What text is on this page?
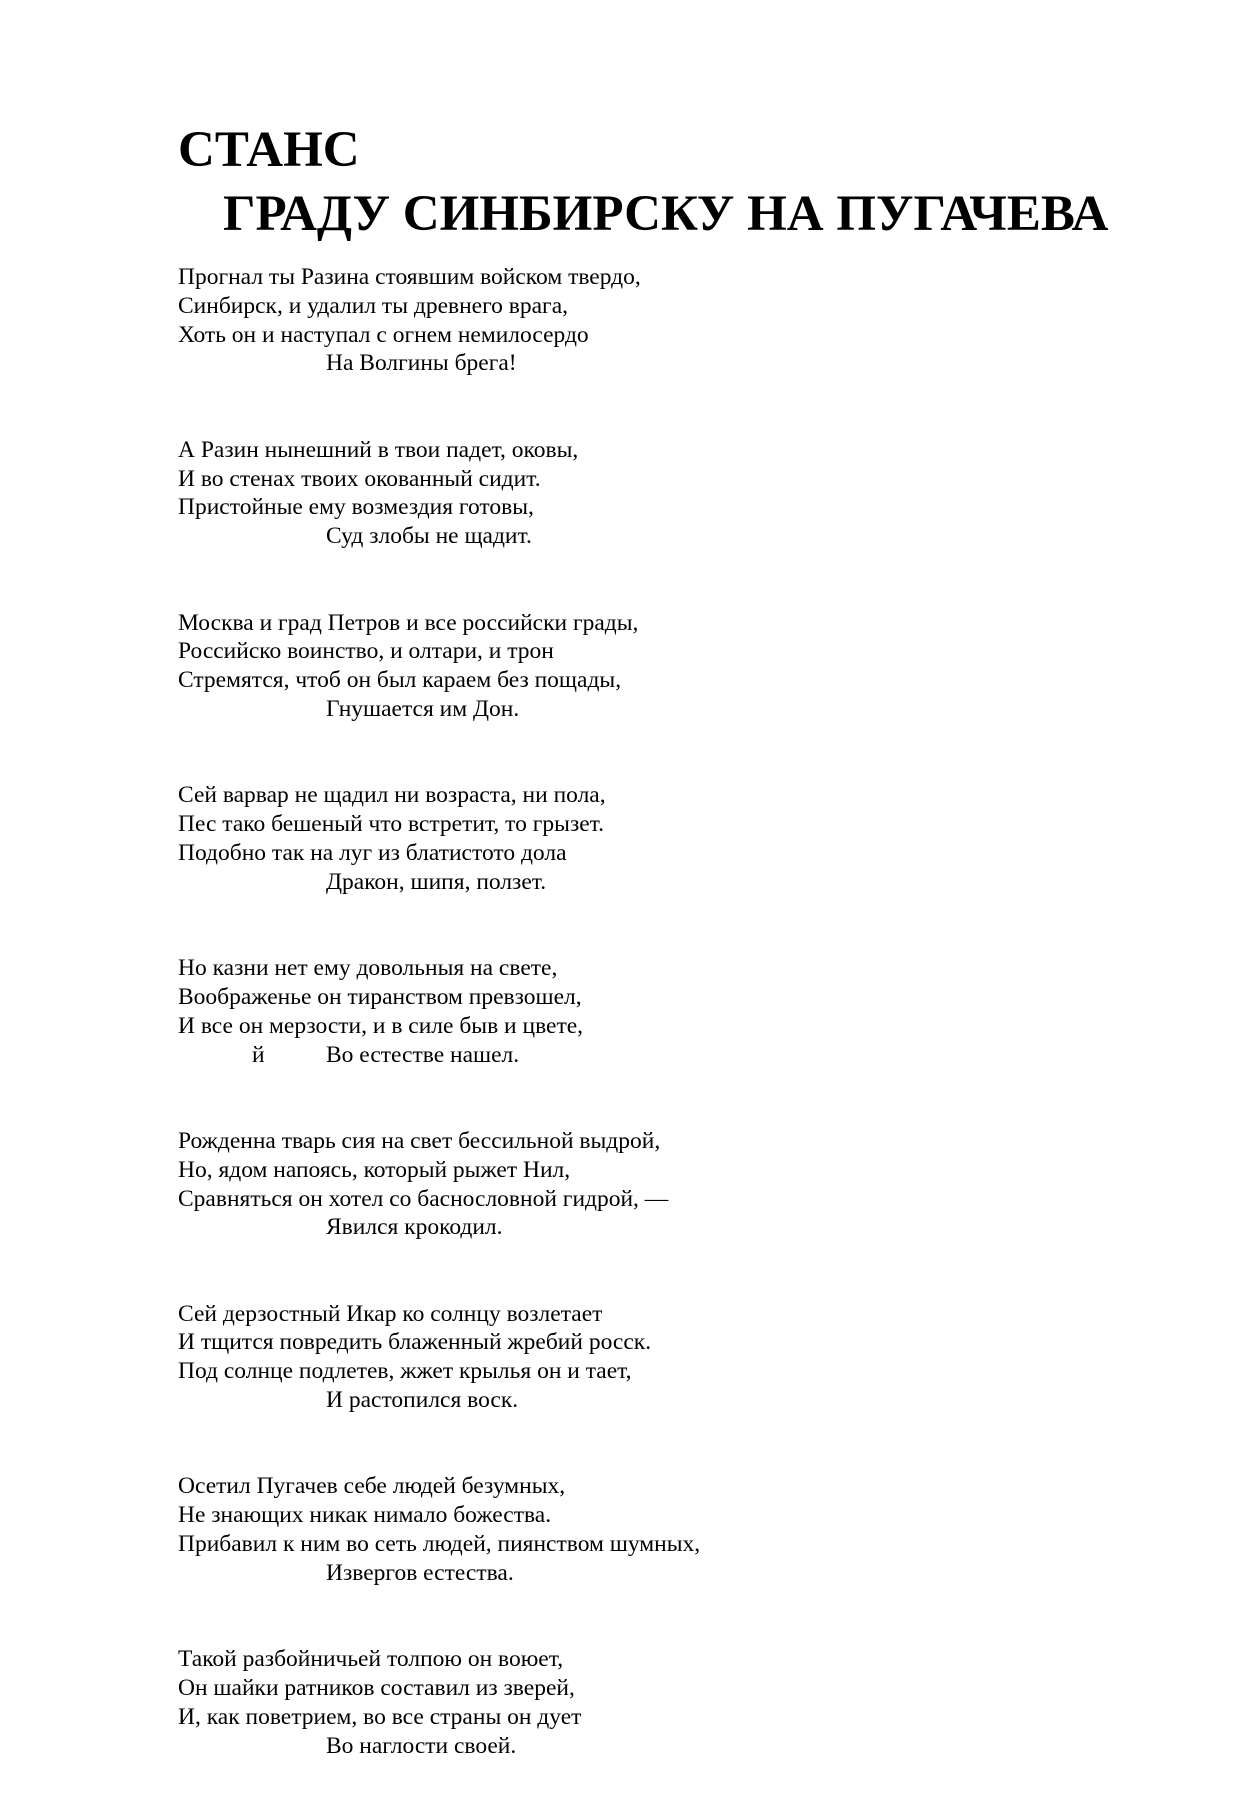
СТАНС
ГРАДУ СИНБИРСКУ НА ПУГАЧЕВА
Прогнал ты Разина стоявшим войском твердо,
Синбирск, и удалил ты древнего врага,
Хоть он и наступал с огнем немилосердо
На Волгины брега!
А Разин нынешний в твои падет, оковы,
И во стенах твоих окованный сидит.
Пристойные ему возмездия готовы,
Суд злобы не щадит.
Москва и град Петров и все российски грады,
Российско воинство, и олтари, и трон
Стремятся, чтоб он был караем без пощады,
Гнушается им Дон.
Сей варвар не щадил ни возраста, ни пола,
Пес тако бешеный что встретит, то грызет.
Подобно так на луг из блатистото дола
Дракон, шипя, ползет.
Но казни нет ему довольныя на свете,
Воображенье он тиранством превзошел,
И все он мерзости, и в силе быв и цвете,
й	Во естестве нашел.
Рожденна тварь сия на свет бессильной выдрой,
Но, ядом напоясь, который рыжет Нил,
Сравняться он хотел со баснословной гидрой, —
Явился крокодил.
Сей дерзостный Икар ко солнцу возлетает
И тщится повредить блаженный жребий росск.
Под солнце подлетев, жжет крылья он и тает,
И растопился воск.
Осетил Пугачев себе людей безумных,
Не знающих никак нимало божества.
Прибавил к ним во сеть людей, пиянством шумных,
Извергов естества.
Такой разбойничьей толпою он воюет,
Он шайки ратников составил из зверей,
И, как поветрием, во все страны он дует
Во наглости своей.
